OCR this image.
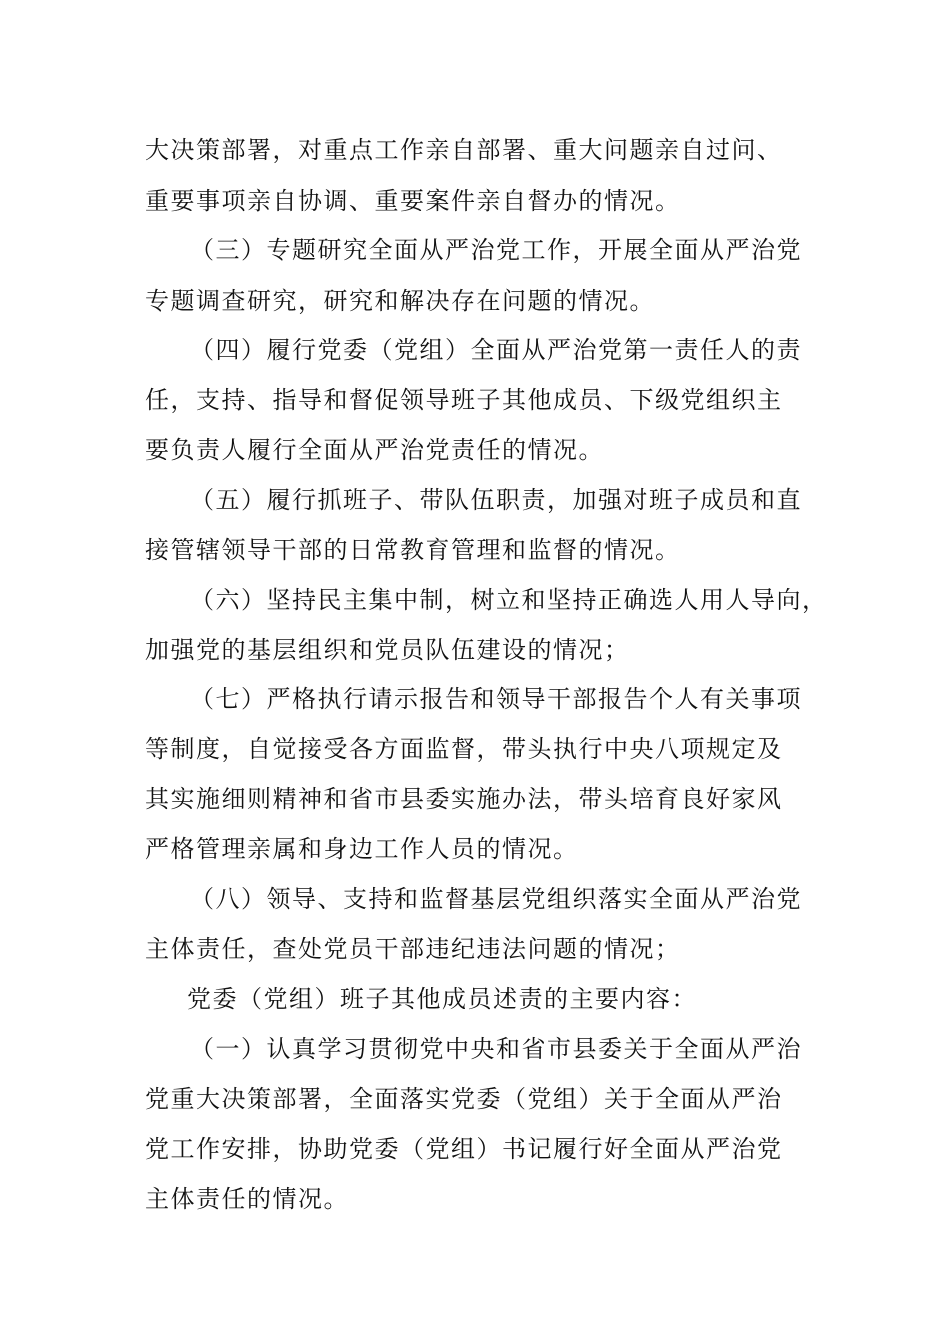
大决策部署，对重点工作亲自部署、重大问题亲自过问、
重要事项亲自协调、重要案件亲自督办的情况。
（三）专题研究全面从严治党工作，开展全面从严治党
专题调查研究，研究和解决存在问题的情况。
（四）履行党委（党组）全面从严治党第一责任人的责
任，支持、指导和督促领导班子其他成员、下级党组织主
要负责人履行全面从严治党责任的情况。
（五）履行抓班子、带队伍职责，加强对班子成员和直
接管辖领导干部的日常教育管理和监督的情况。
（六）坚持民主集中制，树立和坚持正确选人用人导向，
加强党的基层组织和党员队伍建设的情况；
（七）严格执行请示报告和领导干部报告个人有关事项
等制度，自觉接受各方面监督，带头执行中央八项规定及
其实施细则精神和省市县委实施办法，带头培育良好家风
严格管理亲属和身边工作人员的情况。
（八）领导、支持和监督基层党组织落实全面从严治党
主体责任，查处党员干部违纪违法问题的情况；
党委（党组）班子其他成员述责的主要内容：
（一）认真学习贯彻党中央和省市县委关于全面从严治
党重大决策部署，全面落实党委（党组）关于全面从严治
党工作安排，协助党委（党组）书记履行好全面从严治党
主体责任的情况。
